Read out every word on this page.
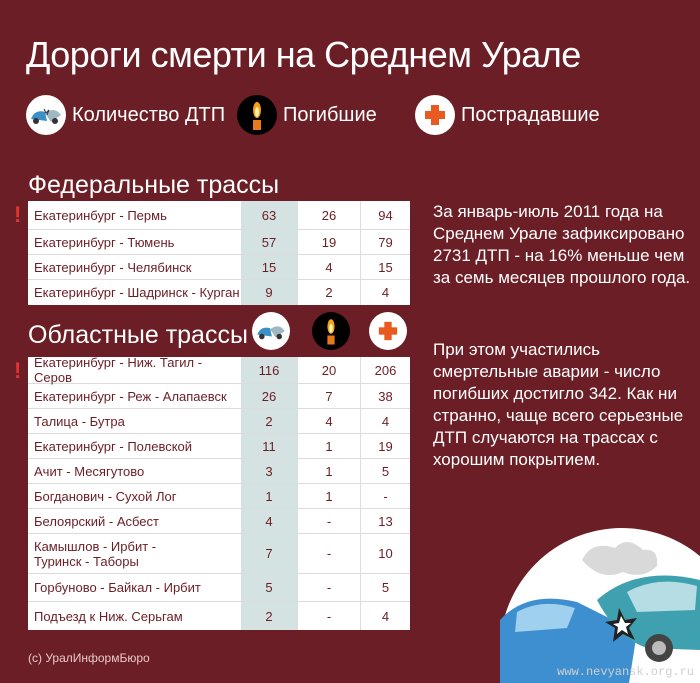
Дороги смерти на Среднем Урале
Количество ДТП	Погибшие	Пострадавшие
Федеральные трассы
! Екатеринбург - Пермь	63	26	94
Екатеринбург - Тюмень	57	19	79
Екатеринбург - Челябинск	15	4	15
Екатеринбург - Шадринск - Курган	9	2	4
Областные трассы
! Екатеринбург - Ниж. Тагил - Серов	116	20	206
Екатеринбург - Реж - Алапаевск	26	7	38
Талица - Бутра	2	4	4
Екатеринбург - Полевской	11	1	19
Ачит - Месягутово	3	1	5
Богданович - Сухой Лог	1	1	-
Белоярский - Асбест	4	-	13
Камышлов - Ирбит -
Туринск - Таборы	7	-	10
Горбуново - Байкал - Ирбит	5	-	5
Подъезд к Ниж. Серьгам	2	-	4
За январь-июль 2011 года на Среднем Урале зафиксировано 2731 ДТП - на 16% меньше чем за семь месяцев прошлого года.
При этом участились смертельные аварии - число погибших достигло 342. Как ни странно, чаще всего серьезные ДТП случаются на трассах с хорошим покрытием.
(c) УралИнформБюро
www.nevyansk.org.ru
